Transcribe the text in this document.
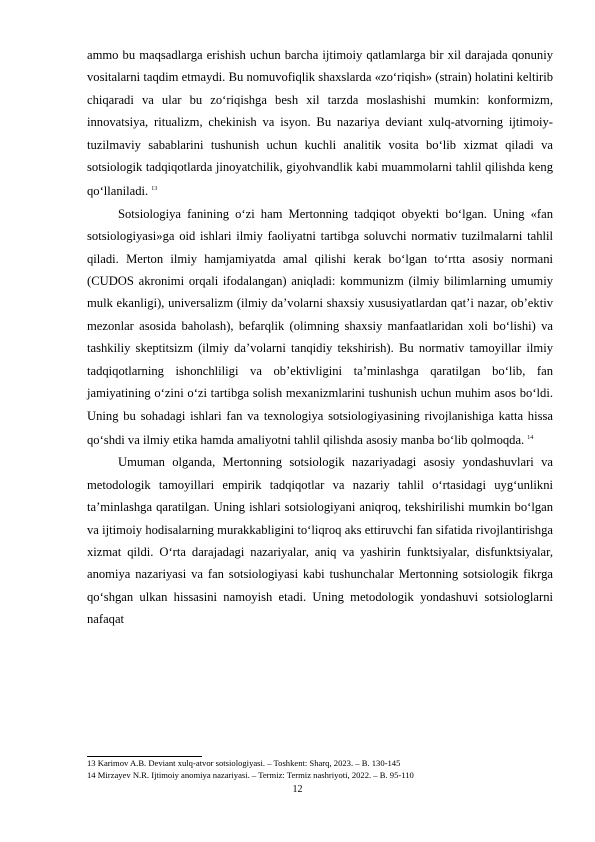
ammo bu maqsadlarga erishish uchun barcha ijtimoiy qatlamlarga bir xil darajada qonuniy vositalarni taqdim etmaydi. Bu nomuvofiqlik shaxslarda «zo‘riqish» (strain) holatini keltirib chiqaradi va ular bu zo‘riqishga besh xil tarzda moslashishi mumkin: konformizm, innovatsiya, ritualizm, chekinish va isyon. Bu nazariya deviant xulq-atvorning ijtimoiy-tuzilmaviy sabablarini tushunish uchun kuchli analitik vosita bo‘lib xizmat qiladi va sotsiologik tadqiqotlarda jinoyatchilik, giyohvandlik kabi muammolarni tahlil qilishda keng qo‘llaniladi. $^{13}$

Sotsiologiya fanining o‘zi ham Mertonning tadqiqot obyekti bo‘lgan. Uning «fan sotsiologiyasi»ga oid ishlari ilmiy faoliyatni tartibga soluvchi normativ tuzilmalarni tahlil qiladi. Merton ilmiy hamjamiyatda amal qilishi kerak bo‘lgan to‘rtta asosiy normani (CUDOS akronimi orqali ifodalangan) aniqladi: kommunizm (ilmiy bilimlarning umumiy mulk ekanligi), universalizm (ilmiy da’volarni shaxsiy xususiyatlardan qat’i nazar, ob’ektiv mezonlar asosida baholash), befarqlik (olimning shaxsiy manfaatlaridan xoli bo‘lishi) va tashkiliy skeptitsizm (ilmiy da’volarni tanqidiy tekshirish). Bu normativ tamoyillar ilmiy tadqiqotlarning ishonchliligi va ob’ektivligini ta’minlashga qaratilgan bo‘lib, fan jamiyatining o‘zini o‘zi tartibga solish mexanizmlarini tushunish uchun muhim asos bo‘ldi. Uning bu sohadagi ishlari fan va texnologiya sotsiologiyasining rivojlanishiga katta hissa qo‘shdi va ilmiy etika hamda amaliyotni tahlil qilishda asosiy manba bo‘lib qolmoqda. $^{14}$

Umuman olganda, Mertonning sotsiologik nazariyadagi asosiy yondashuvlari va metodologik tamoyillari empirik tadqiqotlar va nazariy tahlil o‘rtasidagi uyg‘unlikni ta’minlashga qaratilgan. Uning ishlari sotsiologiyani aniqroq, tekshirilishi mumkin bo‘lgan va ijtimoiy hodisalarning murakkabligini to‘liqroq aks ettiruvchi fan sifatida rivojlantirishga xizmat qildi. O‘rta darajadagi nazariyalar, aniq va yashirin funktsiyalar, disfunktsiyalar, anomiya nazariyasi va fan sotsiologiyasi kabi tushunchalar Mertonning sotsiologik fikrga qo‘shgan ulkan hissasini namoyish etadi. Uning metodologik yondashuvi sotsiologlarni nafaqat

13 Karimov A.B. Deviant xulq-atvor sotsiologiyasi. – Toshkent: Sharq, 2023. – B. 130-145
14 Mirzayev N.R. Ijtimoiy anomiya nazariyasi. – Termiz: Termiz nashriyoti, 2022. – B. 95-110
12
